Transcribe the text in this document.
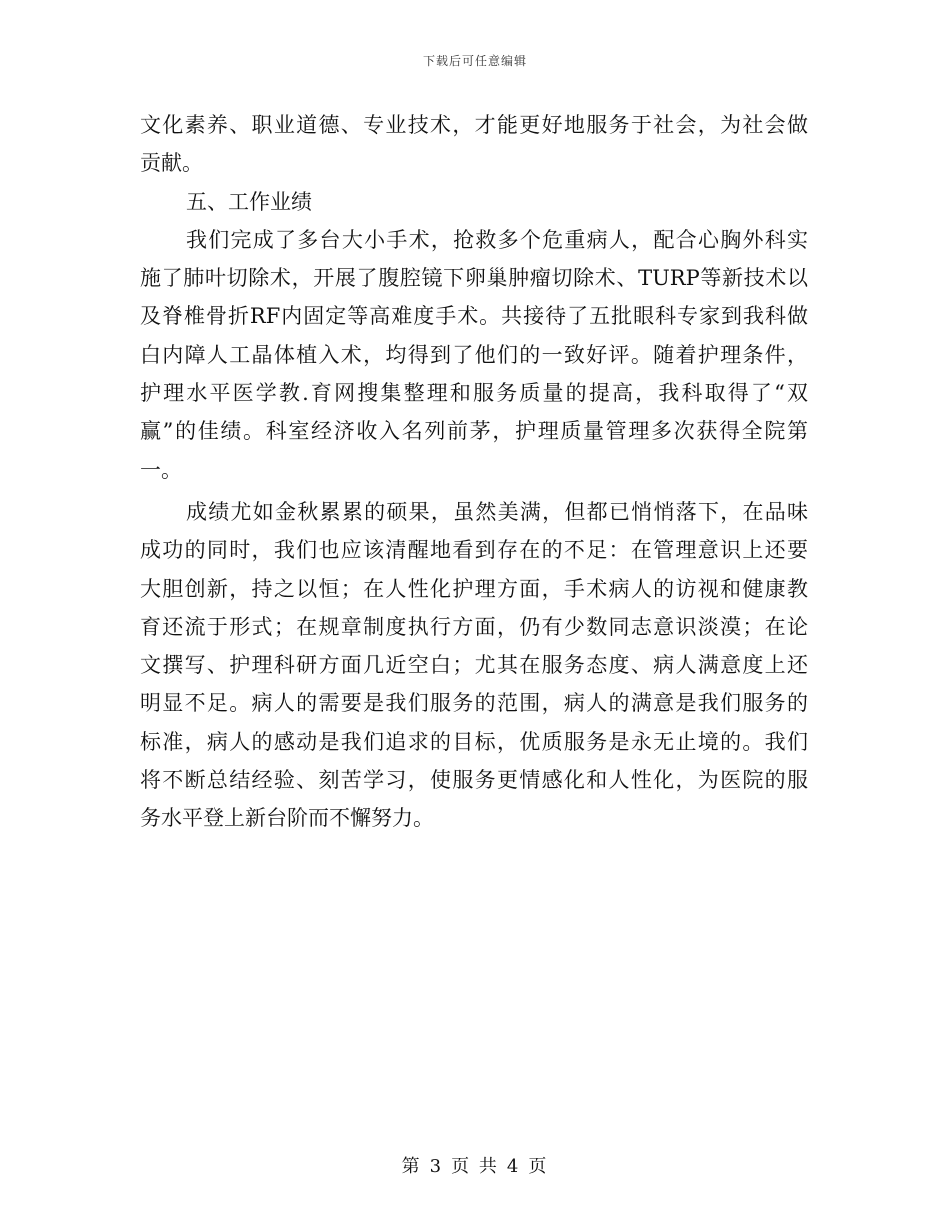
下载后可任意编辑
文化素养、职业道德、专业技术，才能更好地服务于社会，为社会做
贡献。
五、工作业绩
我们完成了多台大小手术，抢救多个危重病人，配合心胸外科实
施了肺叶切除术，开展了腹腔镜下卵巢肿瘤切除术、TURP等新技术以
及脊椎骨折RF内固定等高难度手术。共接待了五批眼科专家到我科做
白内障人工晶体植入术，均得到了他们的一致好评。随着护理条件，
护理水平医学教.育网搜集整理和服务质量的提高，我科取得了“双
赢”的佳绩。科室经济收入名列前茅，护理质量管理多次获得全院第
一。
成绩尤如金秋累累的硕果，虽然美满，但都已悄悄落下，在品味
成功的同时，我们也应该清醒地看到存在的不足：在管理意识上还要
大胆创新，持之以恒；在人性化护理方面，手术病人的访视和健康教
育还流于形式；在规章制度执行方面，仍有少数同志意识淡漠；在论
文撰写、护理科研方面几近空白；尤其在服务态度、病人满意度上还
明显不足。病人的需要是我们服务的范围，病人的满意是我们服务的
标准，病人的感动是我们追求的目标，优质服务是永无止境的。我们
将不断总结经验、刻苦学习，使服务更情感化和人性化，为医院的服
务水平登上新台阶而不懈努力。
第 3 页 共 4 页
